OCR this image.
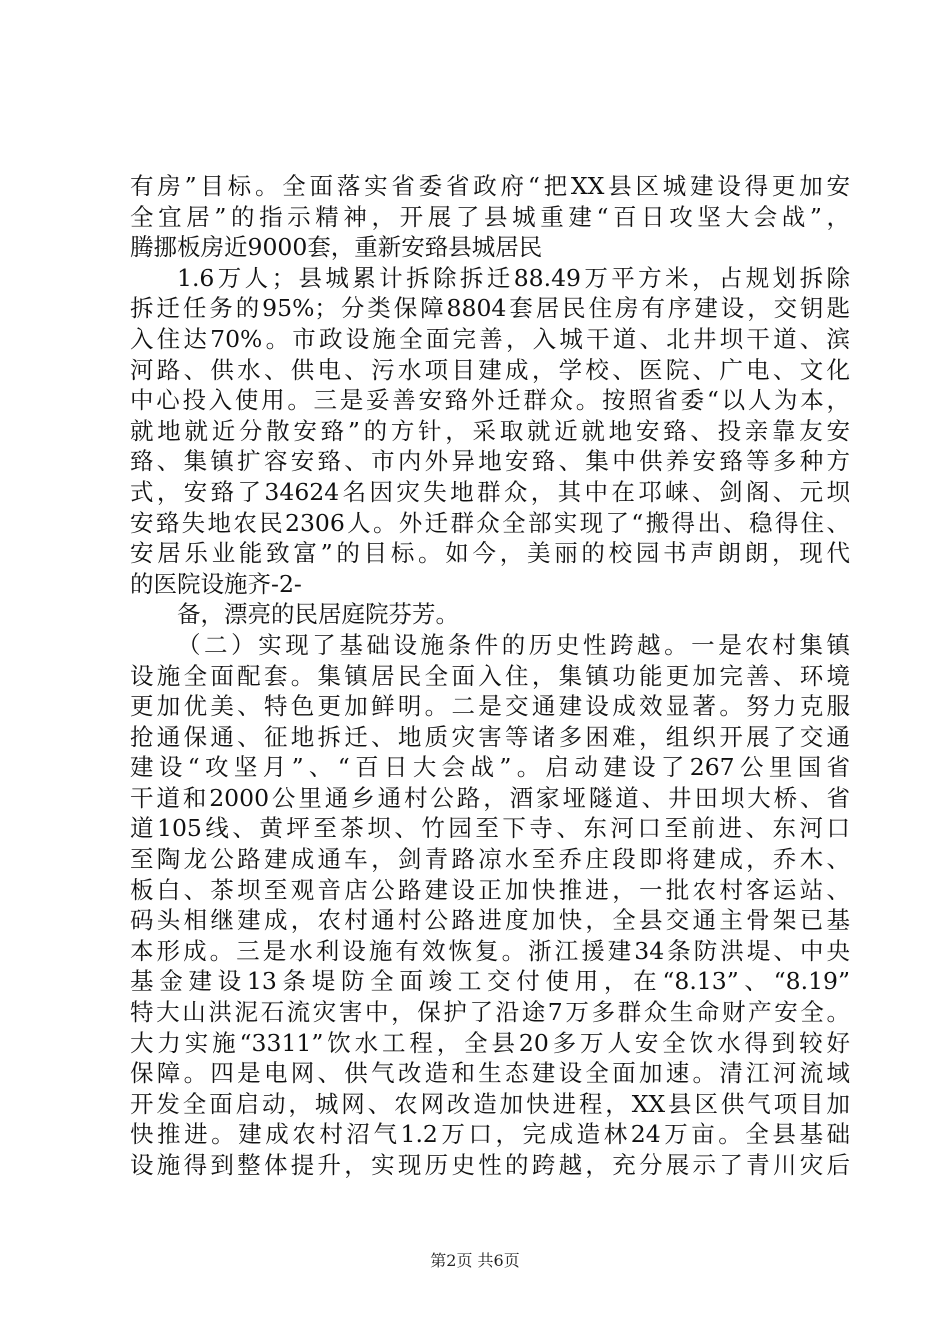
有房”目标。全面落实省委省政府“把XX县区城建设得更加安
全宜居”的指示精神，开展了县城重建“百日攻坚大会战”，
腾挪板房近9000套，重新安臵县城居民
1.6万人；县城累计拆除拆迁88.49万平方米，占规划拆除
拆迁任务的95%；分类保障8804套居民住房有序建设，交钥匙
入住达70%。市政设施全面完善，入城干道、北井坝干道、滨
河路、供水、供电、污水项目建成，学校、医院、广电、文化
中心投入使用。三是妥善安臵外迁群众。按照省委“以人为本，
就地就近分散安臵”的方针，采取就近就地安臵、投亲靠友安
臵、集镇扩容安臵、市内外异地安臵、集中供养安臵等多种方
式，安臵了34624名因灾失地群众，其中在邛崃、剑阁、元坝
安臵失地农民2306人。外迁群众全部实现了“搬得出、稳得住、
安居乐业能致富”的目标。如今，美丽的校园书声朗朗，现代
的医院设施齐-2-
备，漂亮的民居庭院芬芳。
（二）实现了基础设施条件的历史性跨越。一是农村集镇
设施全面配套。集镇居民全面入住，集镇功能更加完善、环境
更加优美、特色更加鲜明。二是交通建设成效显著。努力克服
抢通保通、征地拆迁、地质灾害等诸多困难，组织开展了交通
建设“攻坚月”、“百日大会战”。启动建设了267公里国省
干道和2000公里通乡通村公路，酒家垭隧道、井田坝大桥、省
道105线、黄坪至茶坝、竹园至下寺、东河口至前进、东河口
至陶龙公路建成通车，剑青路凉水至乔庄段即将建成，乔木、
板白、茶坝至观音店公路建设正加快推进，一批农村客运站、
码头相继建成，农村通村公路进度加快，全县交通主骨架已基
本形成。三是水利设施有效恢复。浙江援建34条防洪堤、中央
基金建设13条堤防全面竣工交付使用，在“8.13”、“8.19”
特大山洪泥石流灾害中，保护了沿途7万多群众生命财产安全。
大力实施“3311”饮水工程，全县20多万人安全饮水得到较好
保障。四是电网、供气改造和生态建设全面加速。清江河流域
开发全面启动，城网、农网改造加快进程，XX县区供气项目加
快推进。建成农村沼气1.2万口，完成造林24万亩。全县基础
设施得到整体提升，实现历史性的跨越，充分展示了青川灾后
第2页 共6页
